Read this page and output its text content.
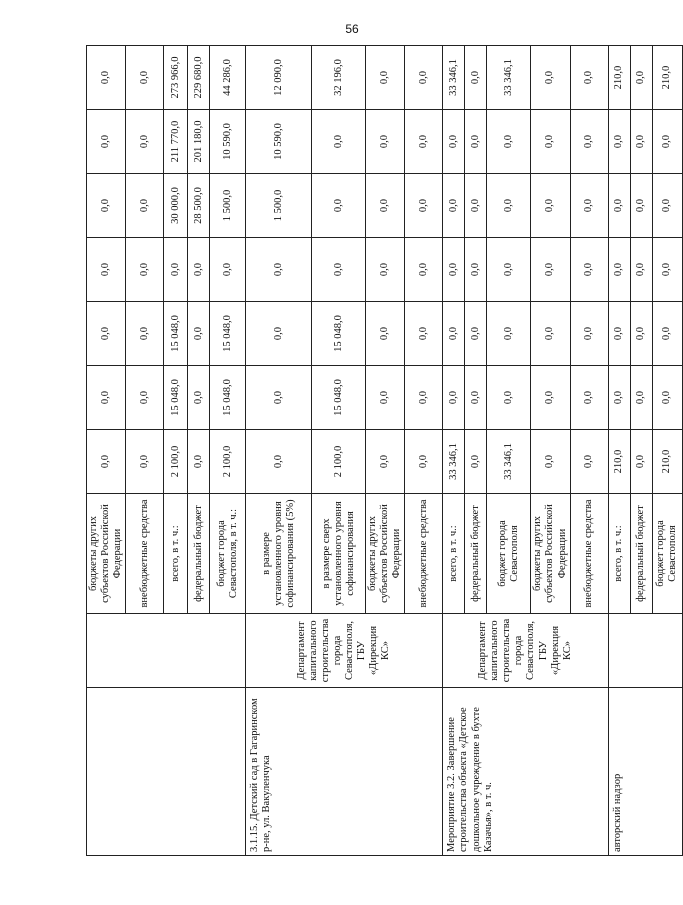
56
		бюджеты других субъектов Российской Федерации	0,0	0,0	0,0	0,0	0,0	0,0	0,0
		внебюджетные средства	0,0	0,0	0,0	0,0	0,0	0,0	0,0
		всего, в т. ч.:	2 100,0	15 048,0	15 048,0	0,0	30 000,0	211 770,0	273 966,0
		федеральный бюджет	0,0	0,0	0,0	0,0	28 500,0	201 180,0	229 680,0
		бюджет города Севастополя, в т. ч.:	2 100,0	15 048,0	15 048,0	0,0	1 500,0	10 590,0	44 286,0
3.1.15. Детский сад в Гагаринском р-не, ул. Вакуленчука	Департамент капитального строительства города Севастополя, ГБУ «Дирекция КС»	в размере установленного уровня софинансирования (5%)	0,0	0,0	0,0	0,0	1 500,0	10 590,0	12 090,0
		в размере сверх установленного уровня софинансирования	2 100,0	15 048,0	15 048,0	0,0	0,0	0,0	32 196,0
		бюджеты других субъектов Российской Федерации	0,0	0,0	0,0	0,0	0,0	0,0	0,0
		внебюджетные средства	0,0	0,0	0,0	0,0	0,0	0,0	0,0
Мероприятие 3.2. Завершение строительства объекта «Детское дошкольное учреждение в бухте Казачья», в т. ч.	Департамент капитального строительства города Севастополя, ГБУ «Дирекция КС»	всего, в т. ч.:	33 346,1	0,0	0,0	0,0	0,0	0,0	33 346,1
		федеральный бюджет	0,0	0,0	0,0	0,0	0,0	0,0	0,0
		бюджет города Севастополя	33 346,1	0,0	0,0	0,0	0,0	0,0	33 346,1
		бюджеты других субъектов Российской Федерации	0,0	0,0	0,0	0,0	0,0	0,0	0,0
		внебюджетные средства	0,0	0,0	0,0	0,0	0,0	0,0	0,0
авторский надзор		всего, в т. ч.:	210,0	0,0	0,0	0,0	0,0	0,0	210,0
		федеральный бюджет	0,0	0,0	0,0	0,0	0,0	0,0	0,0
		бюджет города Севастополя	210,0	0,0	0,0	0,0	0,0	0,0	210,0
